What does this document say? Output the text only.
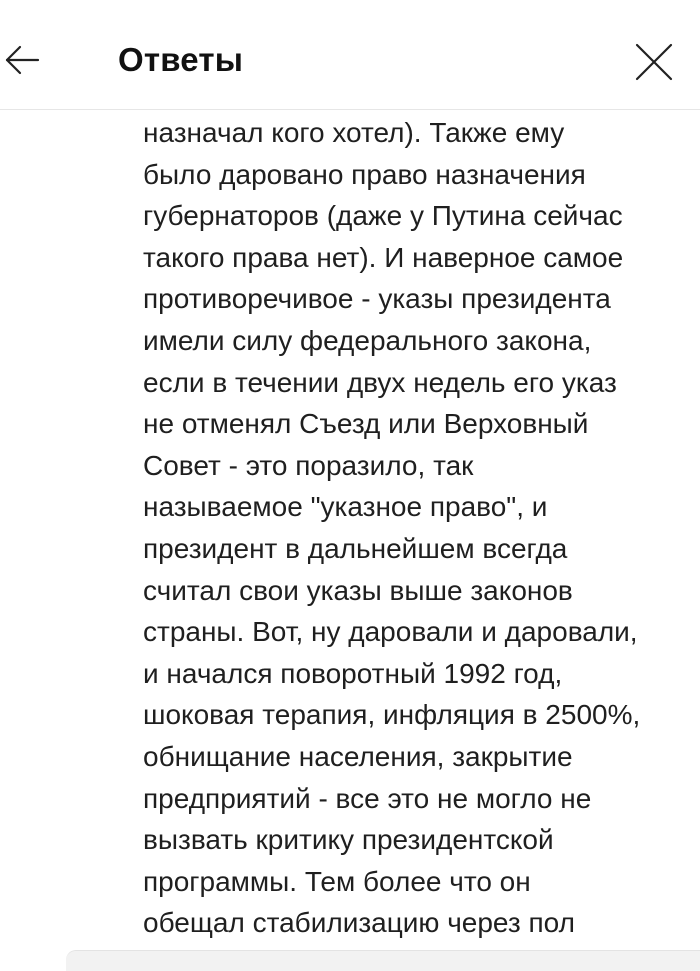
Ответы
назначал кого хотел). Также ему
было даровано право назначения
губернаторов (даже у Путина сейчас
такого права нет). И наверное самое
противоречивое - указы президента
имели силу федерального закона,
если в течении двух недель его указ
не отменял Съезд или Верховный
Совет - это поразило, так
называемое "указное право", и
президент в дальнейшем всегда
считал свои указы выше законов
страны. Вот, ну даровали и даровали,
и начался поворотный 1992 год,
шоковая терапия, инфляция в 2500%,
обнищание населения, закрытие
предприятий - все это не могло не
вызвать критику президентской
программы. Тем более что он
обещал стабилизацию через пол
